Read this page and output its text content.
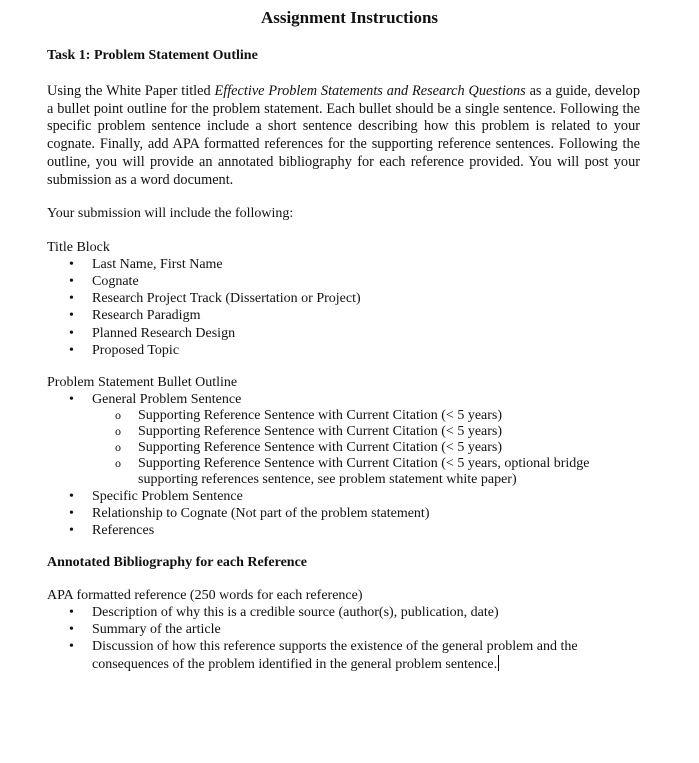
Assignment Instructions
Task 1: Problem Statement Outline
Using the White Paper titled Effective Problem Statements and Research Questions as a guide, develop a bullet point outline for the problem statement. Each bullet should be a single sentence. Following the specific problem sentence include a short sentence describing how this problem is related to your cognate. Finally, add APA formatted references for the supporting reference sentences. Following the outline, you will provide an annotated bibliography for each reference provided. You will post your submission as a word document.
Your submission will include the following:
Title Block
• Last Name, First Name
• Cognate
• Research Project Track (Dissertation or Project)
• Research Paradigm
• Planned Research Design
• Proposed Topic
Problem Statement Bullet Outline
• General Problem Sentence
o Supporting Reference Sentence with Current Citation (< 5 years)
o Supporting Reference Sentence with Current Citation (< 5 years)
o Supporting Reference Sentence with Current Citation (< 5 years)
o Supporting Reference Sentence with Current Citation (< 5 years, optional bridge
supporting references sentence, see problem statement white paper)
• Specific Problem Sentence
• Relationship to Cognate (Not part of the problem statement)
• References
Annotated Bibliography for each Reference
APA formatted reference (250 words for each reference)
• Description of why this is a credible source (author(s), publication, date)
• Summary of the article
• Discussion of how this reference supports the existence of the general problem and the
consequences of the problem identified in the general problem sentence.
